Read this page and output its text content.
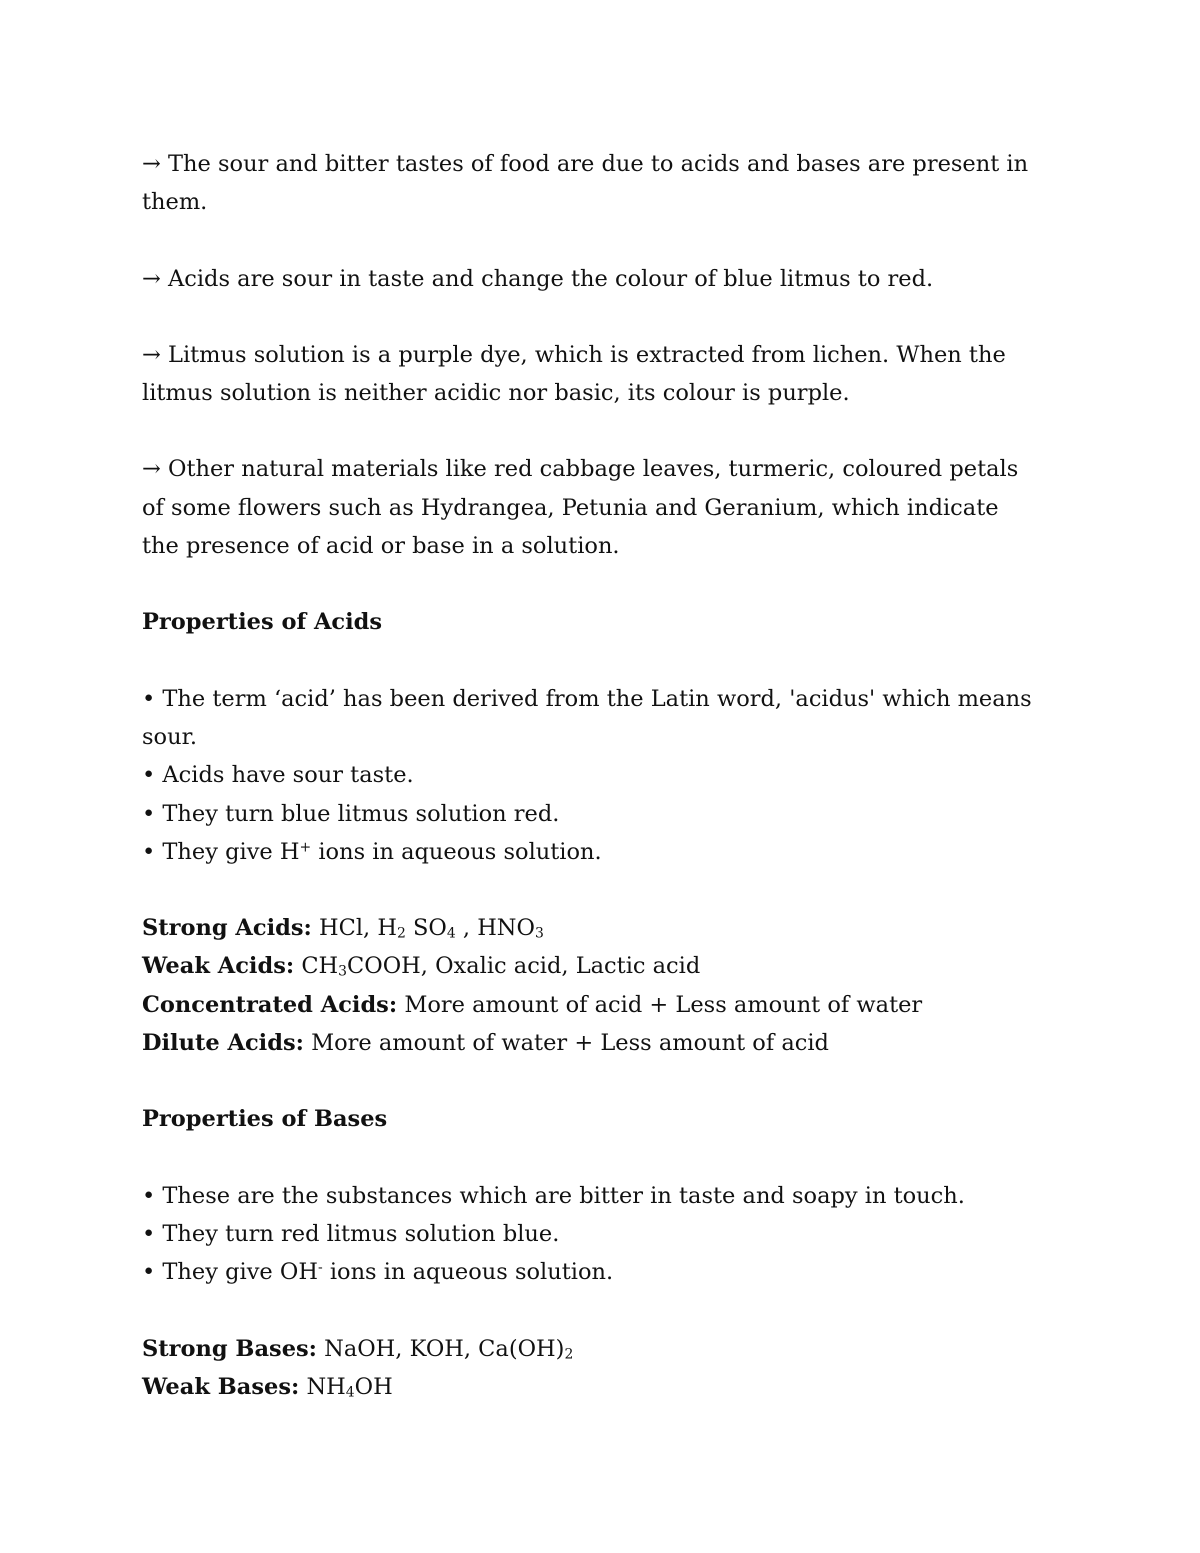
→ The sour and bitter tastes of food are due to acids and bases are present in them.

→ Acids are sour in taste and change the colour of blue litmus to red.

→ Litmus solution is a purple dye, which is extracted from lichen. When the litmus solution is neither acidic nor basic, its colour is purple.

→ Other natural materials like red cabbage leaves, turmeric, coloured petals of some flowers such as Hydrangea, Petunia and Geranium, which indicate the presence of acid or base in a solution.

Properties of Acids

• The term ‘acid’ has been derived from the Latin word, 'acidus' which means sour.

• Acids have sour taste.

• They turn blue litmus solution red.

• They give H+ ions in aqueous solution.

Strong Acids: HCl, $H_2$ $SO_4$ , $HNO_3$

Weak Acids: $CH_3COOH$, Oxalic acid, Lactic acid

Concentrated Acids: More amount of acid + Less amount of water

Dilute Acids: More amount of water + Less amount of acid

Properties of Bases

• These are the substances which are bitter in taste and soapy in touch.

• They turn red litmus solution blue.

• They give OH- ions in aqueous solution.

Strong Bases: NaOH, KOH, $Ca(OH)_2$

Weak Bases: $NH_4OH$
